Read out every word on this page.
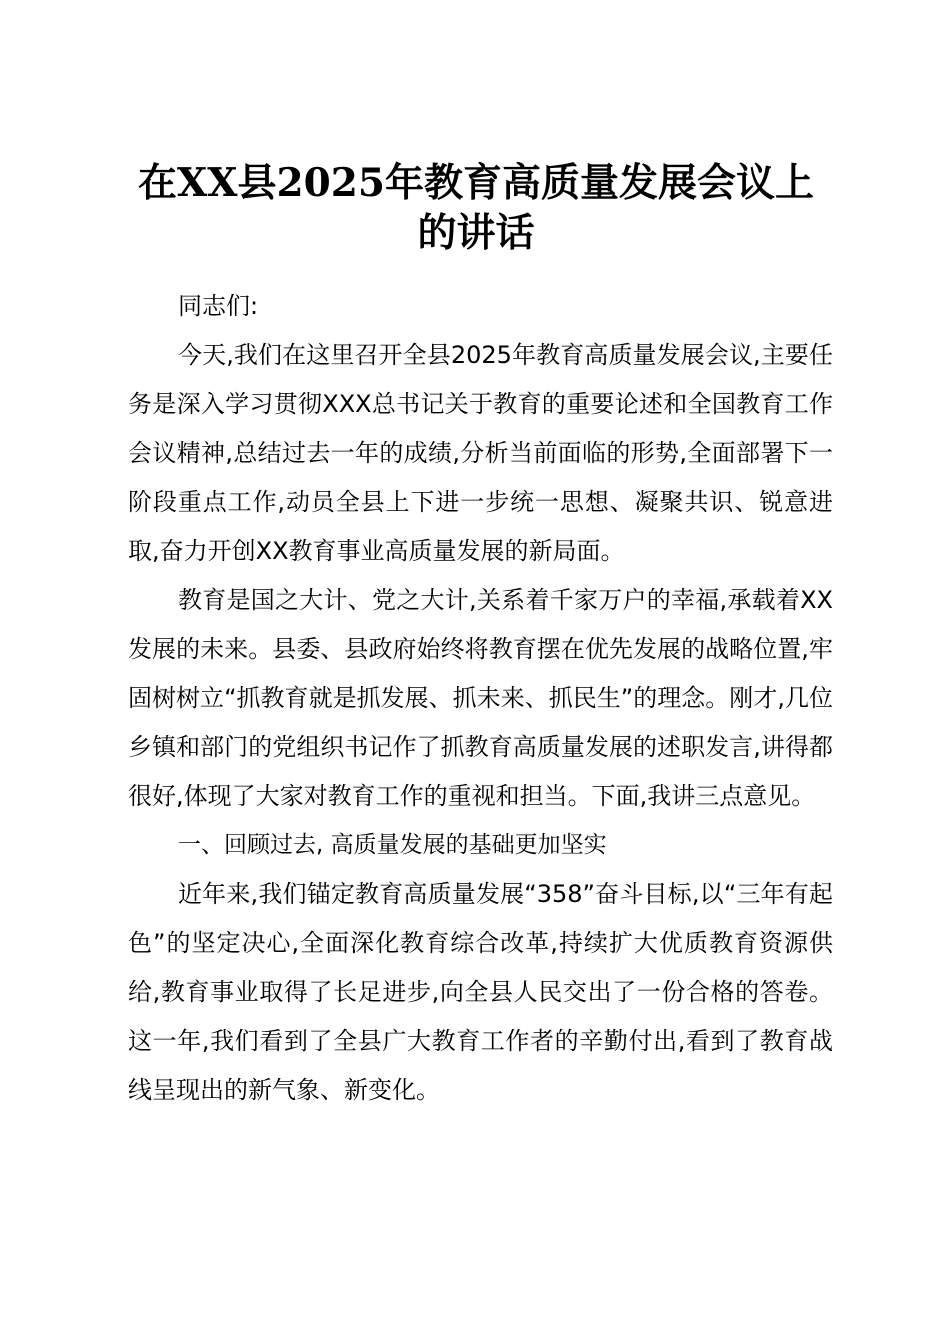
在XX县2025年教育高质量发展会议上的讲话

同志们:

今天,我们在这里召开全县2025年教育高质量发展会议,主要任务是深入学习贯彻XXX总书记关于教育的重要论述和全国教育工作会议精神,总结过去一年的成绩,分析当前面临的形势,全面部署下一阶段重点工作,动员全县上下进一步统一思想、凝聚共识、锐意进取,奋力开创XX教育事业高质量发展的新局面。

教育是国之大计、党之大计,关系着千家万户的幸福,承载着XX发展的未来。县委、县政府始终将教育摆在优先发展的战略位置,牢固树树立“抓教育就是抓发展、抓未来、抓民生”的理念。刚才,几位乡镇和部门的党组织书记作了抓教育高质量发展的述职发言,讲得都很好,体现了大家对教育工作的重视和担当。下面,我讲三点意见。

一、回顾过去, 高质量发展的基础更加坚实

近年来,我们锚定教育高质量发展“358”奋斗目标,以“三年有起色”的坚定决心,全面深化教育综合改革,持续扩大优质教育资源供给,教育事业取得了长足进步,向全县人民交出了一份合格的答卷。这一年,我们看到了全县广大教育工作者的辛勤付出,看到了教育战线呈现出的新气象、新变化。
